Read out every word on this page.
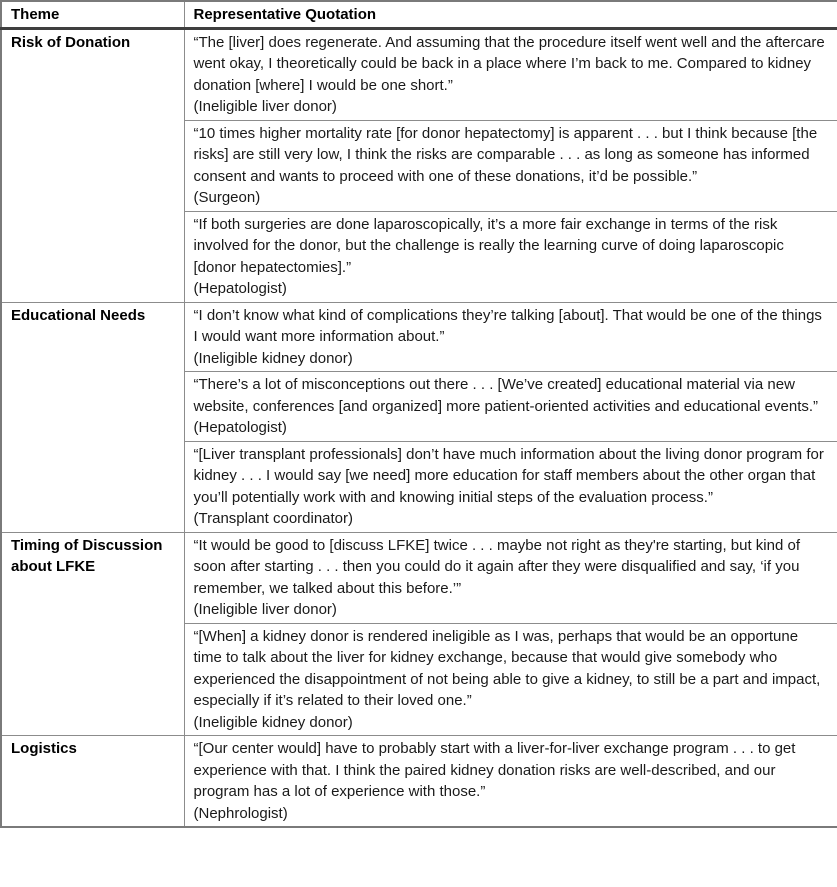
Theme	Representative Quotation
Risk of Donation	“The [liver] does regenerate. And assuming that the procedure itself went well and the aftercare went okay, I theoretically could be back in a place where I’m back to me. Compared to kidney donation [where] I would be one short.”
(Ineligible liver donor)

	“10 times higher mortality rate [for donor hepatectomy] is apparent . . . but I think because [the risks] are still very low, I think the risks are comparable . . . as long as someone has informed consent and wants to proceed with one of these donations, it’d be possible.”
(Surgeon)

	“If both surgeries are done laparoscopically, it’s a more fair exchange in terms of the risk involved for the donor, but the challenge is really the learning curve of doing laparoscopic [donor hepatectomies].”
(Hepatologist)

Educational Needs	“I don’t know what kind of complications they’re talking [about]. That would be one of the things I would want more information about.”
(Ineligible kidney donor)

	“There’s a lot of misconceptions out there . . . [We’ve created] educational material via new website, conferences [and organized] more patient-oriented activities and educational events.”
(Hepatologist)

	“[Liver transplant professionals] don’t have much information about the living donor program for kidney . . . I would say [we need] more education for staff members about the other organ that you’ll potentially work with and knowing initial steps of the evaluation process.”
(Transplant coordinator)

Timing of Discussion about LFKE	“It would be good to [discuss LFKE] twice . . . maybe not right as they're starting, but kind of soon after starting . . . then you could do it again after they were disqualified and say, ‘if you remember, we talked about this before.’”
(Ineligible liver donor)

	“[When] a kidney donor is rendered ineligible as I was, perhaps that would be an opportune time to talk about the liver for kidney exchange, because that would give somebody who experienced the disappointment of not being able to give a kidney, to still be a part and impact, especially if it’s related to their loved one.”
(Ineligible kidney donor)

Logistics	“[Our center would] have to probably start with a liver-for-liver exchange program . . . to get experience with that. I think the paired kidney donation risks are well-described, and our program has a lot of experience with those.”
(Nephrologist)
